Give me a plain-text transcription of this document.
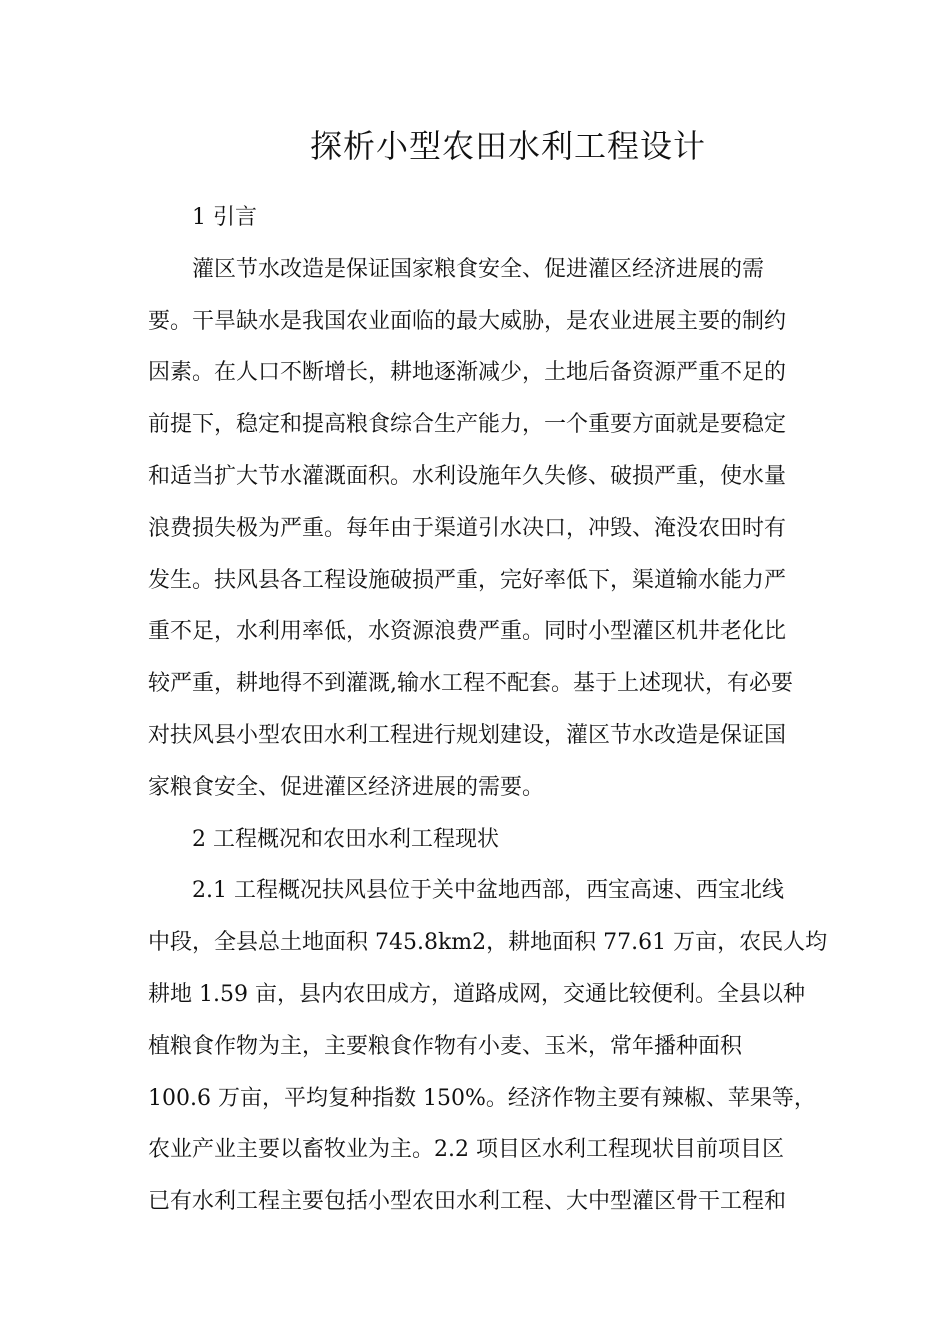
探析小型农田水利工程设计
1 引言
灌区节水改造是保证国家粮食安全、促进灌区经济进展的需
要。干旱缺水是我国农业面临的最大威胁，是农业进展主要的制约
因素。在人口不断增长，耕地逐渐减少，土地后备资源严重不足的
前提下，稳定和提高粮食综合生产能力，一个重要方面就是要稳定
和适当扩大节水灌溉面积。水利设施年久失修、破损严重，使水量
浪费损失极为严重。每年由于渠道引水决口，冲毁、淹没农田时有
发生。扶风县各工程设施破损严重，完好率低下，渠道输水能力严
重不足，水利用率低，水资源浪费严重。同时小型灌区机井老化比
较严重，耕地得不到灌溉,输水工程不配套。基于上述现状，有必要
对扶风县小型农田水利工程进行规划建设，灌区节水改造是保证国
家粮食安全、促进灌区经济进展的需要。
2 工程概况和农田水利工程现状
2.1 工程概况扶风县位于关中盆地西部，西宝高速、西宝北线
中段，全县总土地面积 745.8km2，耕地面积 77.61 万亩，农民人均
耕地 1.59 亩，县内农田成方，道路成网，交通比较便利。全县以种
植粮食作物为主，主要粮食作物有小麦、玉米，常年播种面积
100.6 万亩，平均复种指数 150%。经济作物主要有辣椒、苹果等，
农业产业主要以畜牧业为主。2.2 项目区水利工程现状目前项目区
已有水利工程主要包括小型农田水利工程、大中型灌区骨干工程和
